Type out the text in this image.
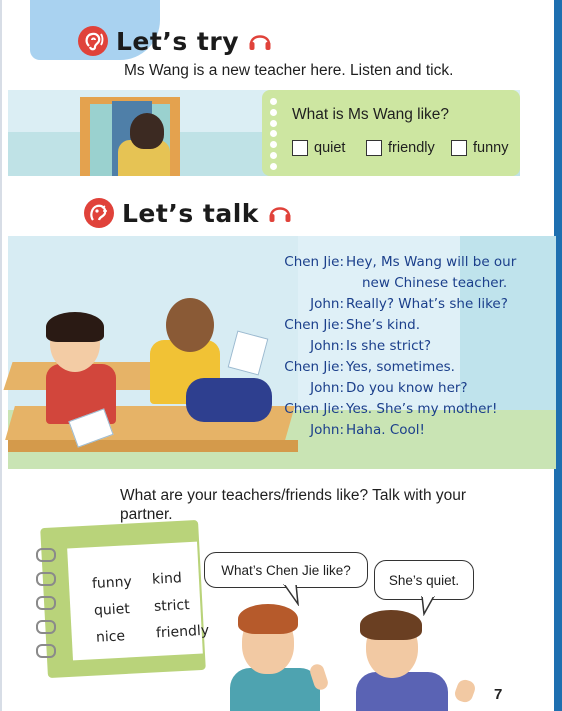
Let’s try
Ms Wang is a new teacher here. Listen and tick.
What is Ms Wang like?
quiet	friendly	funny
Let’s talk
Chen Jie: Hey, Ms Wang will be our
new Chinese teacher.
John: Really? What’s she like?
Chen Jie: She’s kind.
John: Is she strict?
Chen Jie: Yes, sometimes.
John: Do you know her?
Chen Jie: Yes. She’s my mother!
John: Haha. Cool!
What are your teachers/friends like? Talk with your
partner.
funny kind
quiet strict
nice friendly
What’s Chen Jie like?
She’s quiet.
7
